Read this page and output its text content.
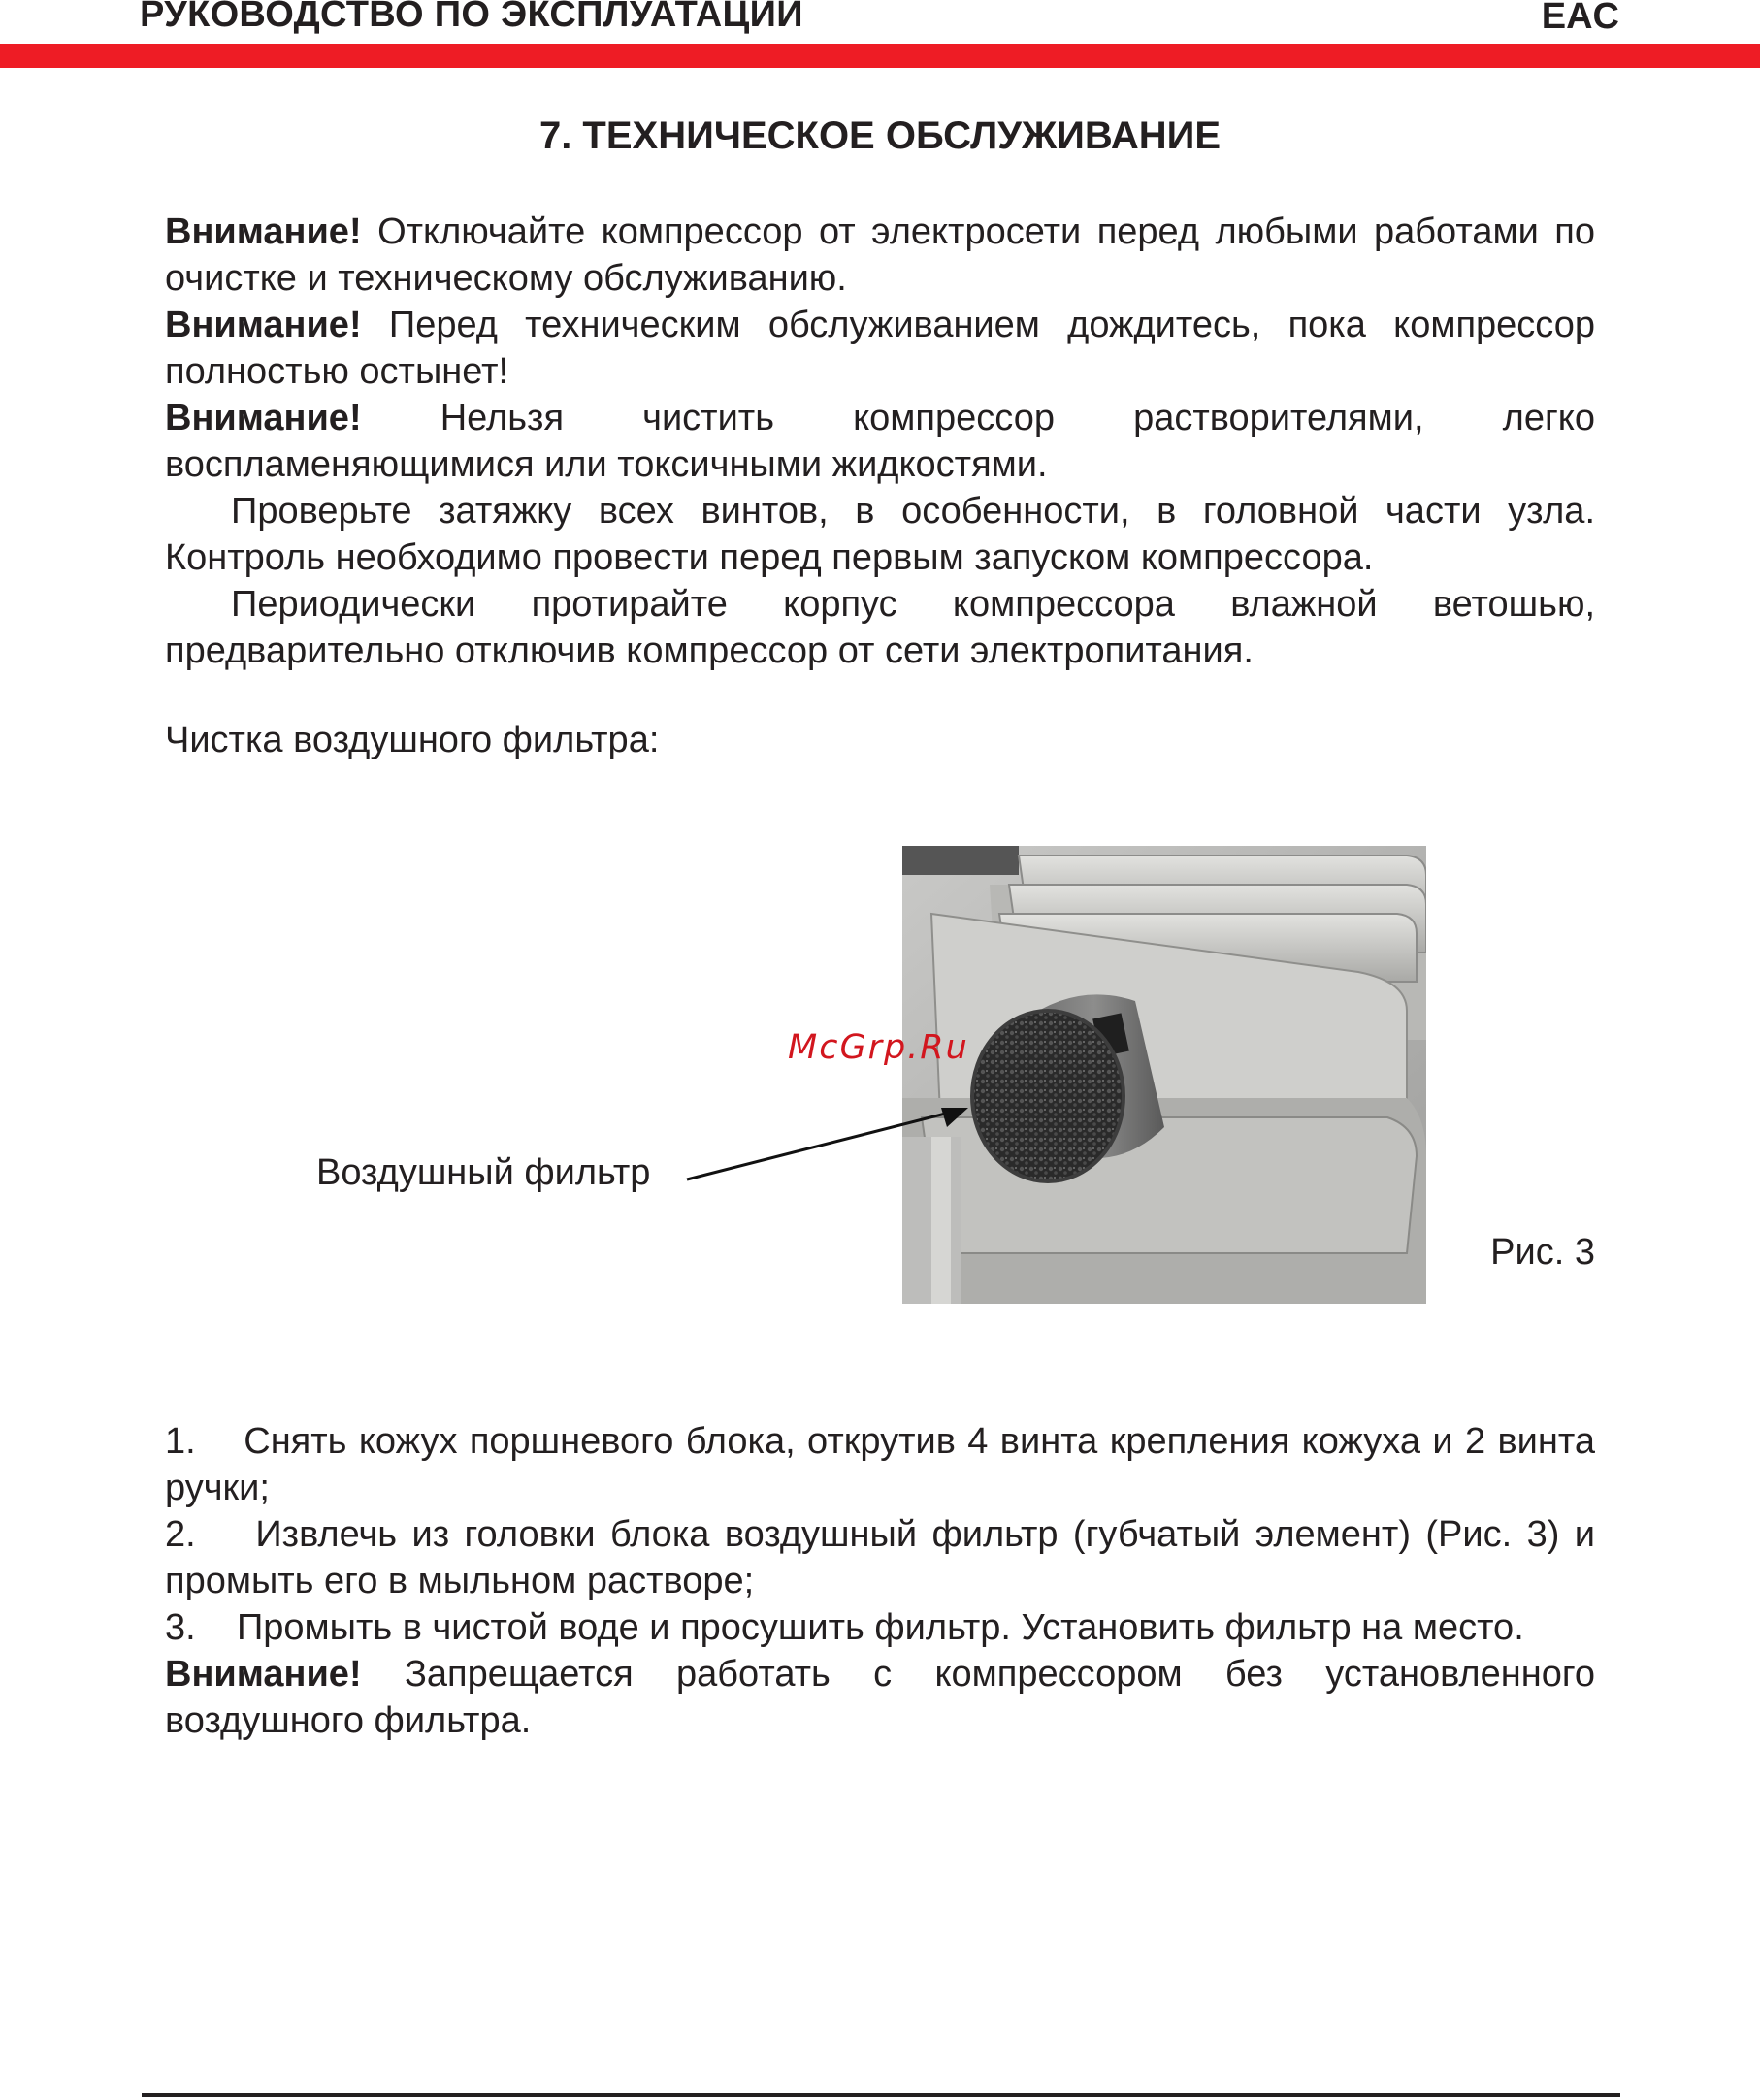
РУКОВОДСТВО ПО ЭКСПЛУАТАЦИИ	EAC
7. ТЕХНИЧЕСКОЕ ОБСЛУЖИВАНИЕ

Внимание! Отключайте компрессор от электросети перед любыми работами по очистке и техническому обслуживанию.

Внимание! Перед техническим обслуживанием дождитесь, пока компрессор полностью остынет!

Внимание! Нельзя чистить компрессор растворителями, легко воспламеняющимися или токсичными жидкостями.

Проверьте затяжку всех винтов, в особенности, в головной части узла. Контроль необходимо провести перед первым запуском компрессора.

Периодически протирайте корпус компрессора влажной ветошью, предварительно отключив компрессор от сети электропитания.

Чистка воздушного фильтра:
McGrp.Ru
Воздушный фильтр
Рис. 3

1. Снять кожух поршневого блока, открутив 4 винта крепления кожуха и 2 винта ручки;

2. Извлечь из головки блока воздушный фильтр (губчатый элемент) (Рис. 3) и промыть его в мыльном растворе;

3. Промыть в чистой воде и просушить фильтр. Установить фильтр на место.

Внимание! Запрещается работать с компрессором без установленного воздушного фильтра.
